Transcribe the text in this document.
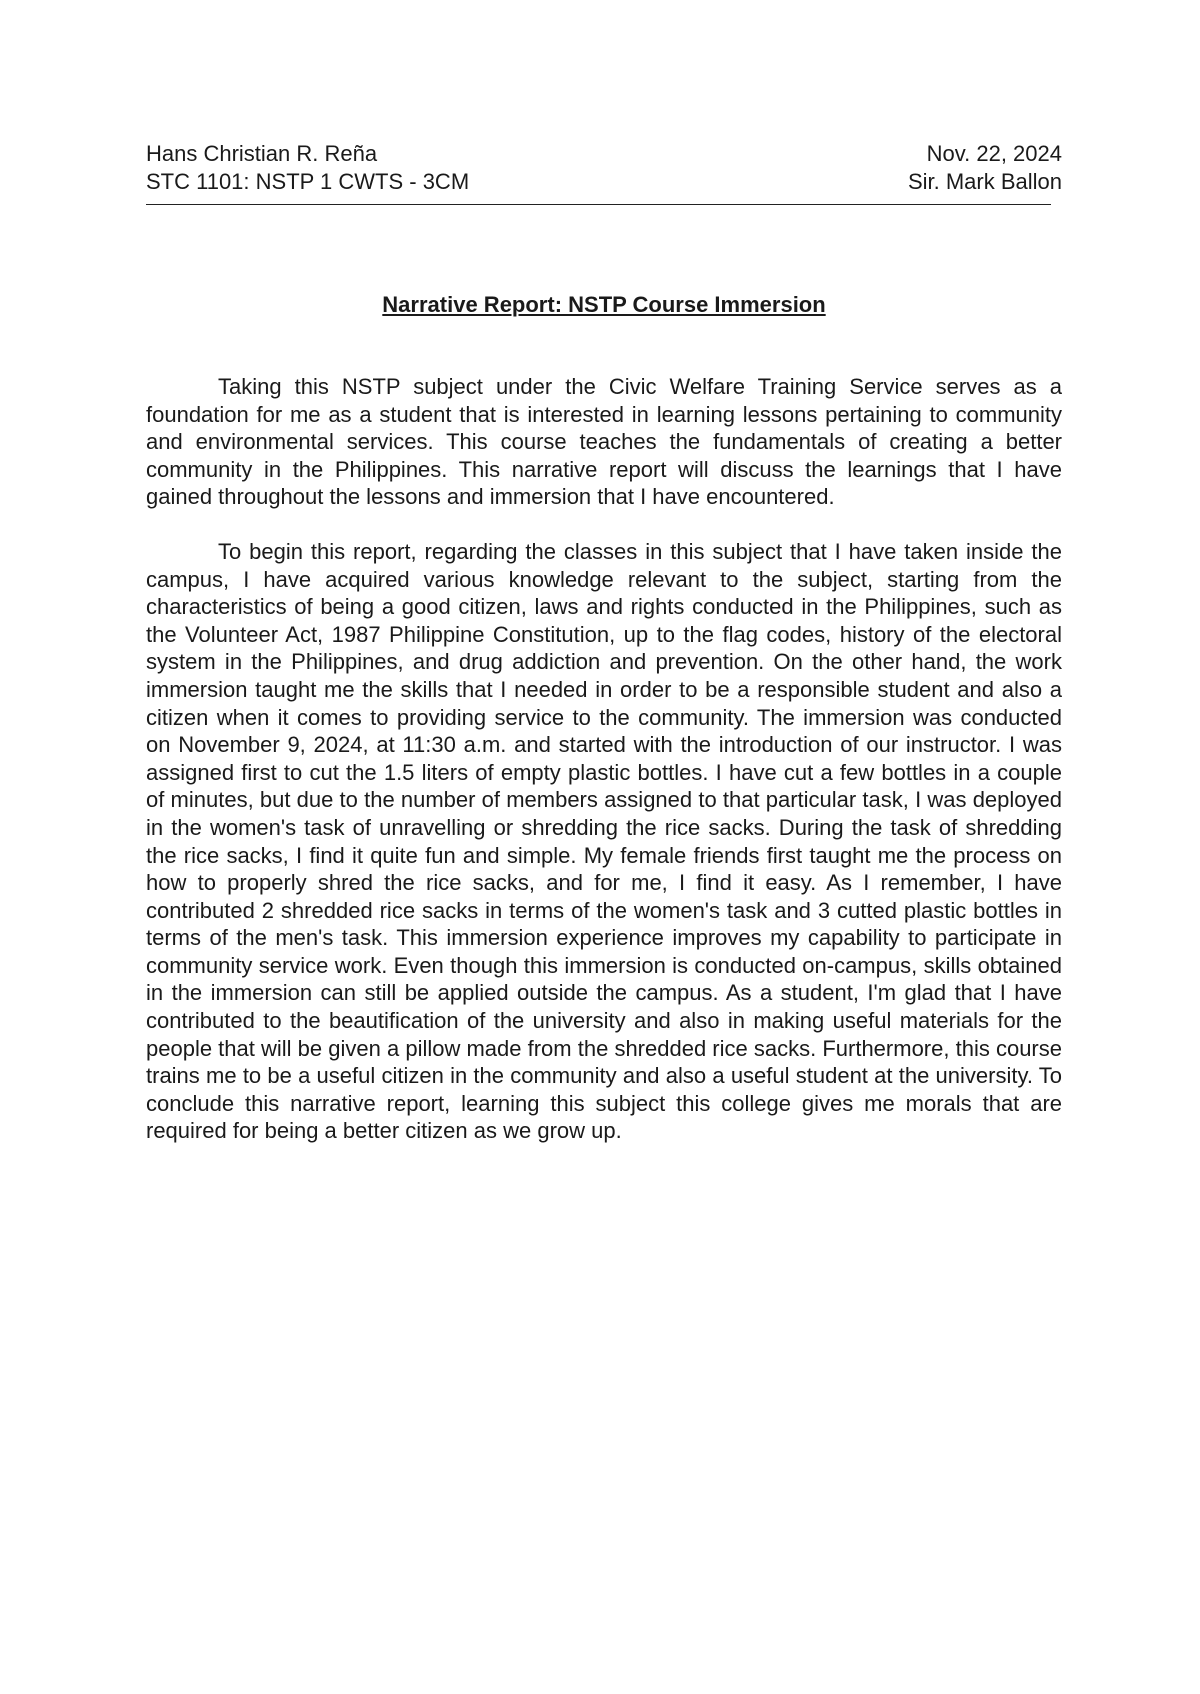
Hans Christian R. Reña	Nov. 22, 2024
STC 1101: NSTP 1 CWTS - 3CM	Sir. Mark Ballon
Narrative Report: NSTP Course Immersion

Taking this NSTP subject under the Civic Welfare Training Service serves as a foundation for me as a student that is interested in learning lessons pertaining to community and environmental services. This course teaches the fundamentals of creating a better community in the Philippines. This narrative report will discuss the learnings that I have gained throughout the lessons and immersion that I have encountered.

To begin this report, regarding the classes in this subject that I have taken inside the campus, I have acquired various knowledge relevant to the subject, starting from the characteristics of being a good citizen, laws and rights conducted in the Philippines, such as the Volunteer Act, 1987 Philippine Constitution, up to the flag codes, history of the electoral system in the Philippines, and drug addiction and prevention. On the other hand, the work immersion taught me the skills that I needed in order to be a responsible student and also a citizen when it comes to providing service to the community. The immersion was conducted on November 9, 2024, at 11:30 a.m. and started with the introduction of our instructor. I was assigned first to cut the 1.5 liters of empty plastic bottles. I have cut a few bottles in a couple of minutes, but due to the number of members assigned to that particular task, I was deployed in the women's task of unravelling or shredding the rice sacks. During the task of shredding the rice sacks, I find it quite fun and simple. My female friends first taught me the process on how to properly shred the rice sacks, and for me, I find it easy. As I remember, I have contributed 2 shredded rice sacks in terms of the women's task and 3 cutted plastic bottles in terms of the men's task. This immersion experience improves my capability to participate in community service work. Even though this immersion is conducted on-campus, skills obtained in the immersion can still be applied outside the campus. As a student, I'm glad that I have contributed to the beautification of the university and also in making useful materials for the people that will be given a pillow made from the shredded rice sacks. Furthermore, this course trains me to be a useful citizen in the community and also a useful student at the university. To conclude this narrative report, learning this subject this college gives me morals that are required for being a better citizen as we grow up.
